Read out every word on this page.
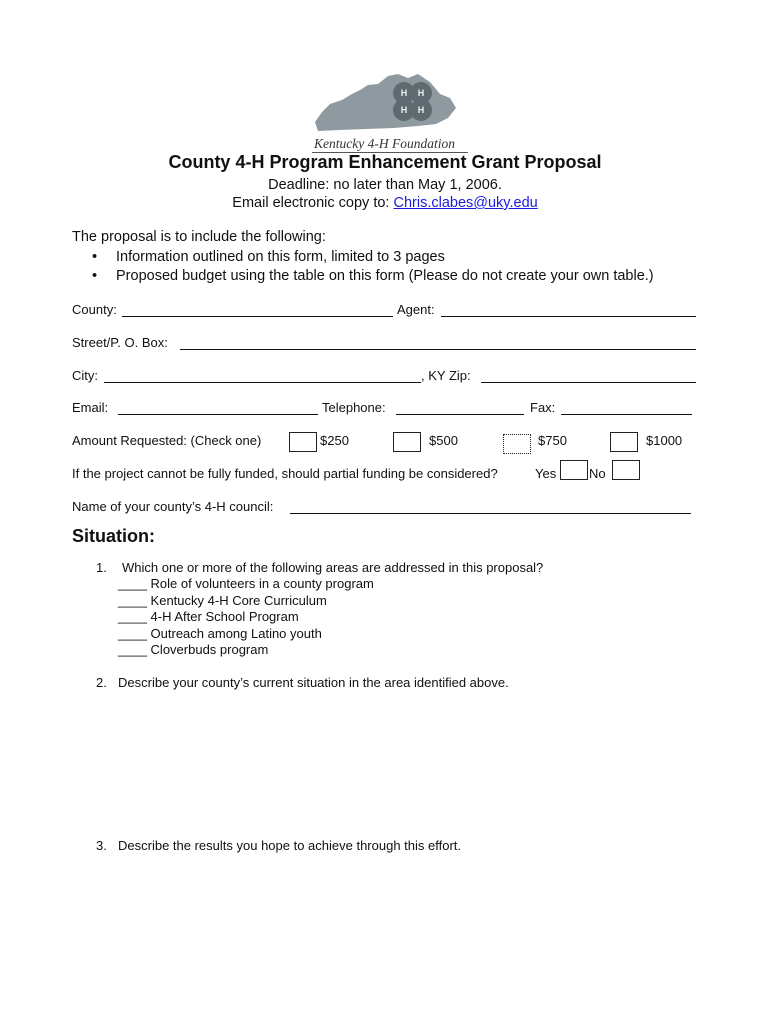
H H
H H
Kentucky 4-H Foundation
County 4-H Program Enhancement Grant Proposal
Deadline: no later than May 1, 2006.
Email electronic copy to: Chris.clabes@uky.edu
The proposal is to include the following:
• Information outlined on this form, limited to 3 pages
• Proposed budget using the table on this form (Please do not create your own table.)
County:	Agent:
Street/P. O. Box:
City:	, KY Zip:
Email:	Telephone:	Fax:
Amount Requested: (Check one)	$250	$500	$750	$1000
If the project cannot be fully funded, should partial funding be considered?	Yes	No
Name of your county’s 4-H council:
Situation:
1. Which one or more of the following areas are addressed in this proposal?
____ Role of volunteers in a county program
____ Kentucky 4-H Core Curriculum
____ 4-H After School Program
____ Outreach among Latino youth
____ Cloverbuds program
2. Describe your county’s current situation in the area identified above.
3. Describe the results you hope to achieve through this effort.
